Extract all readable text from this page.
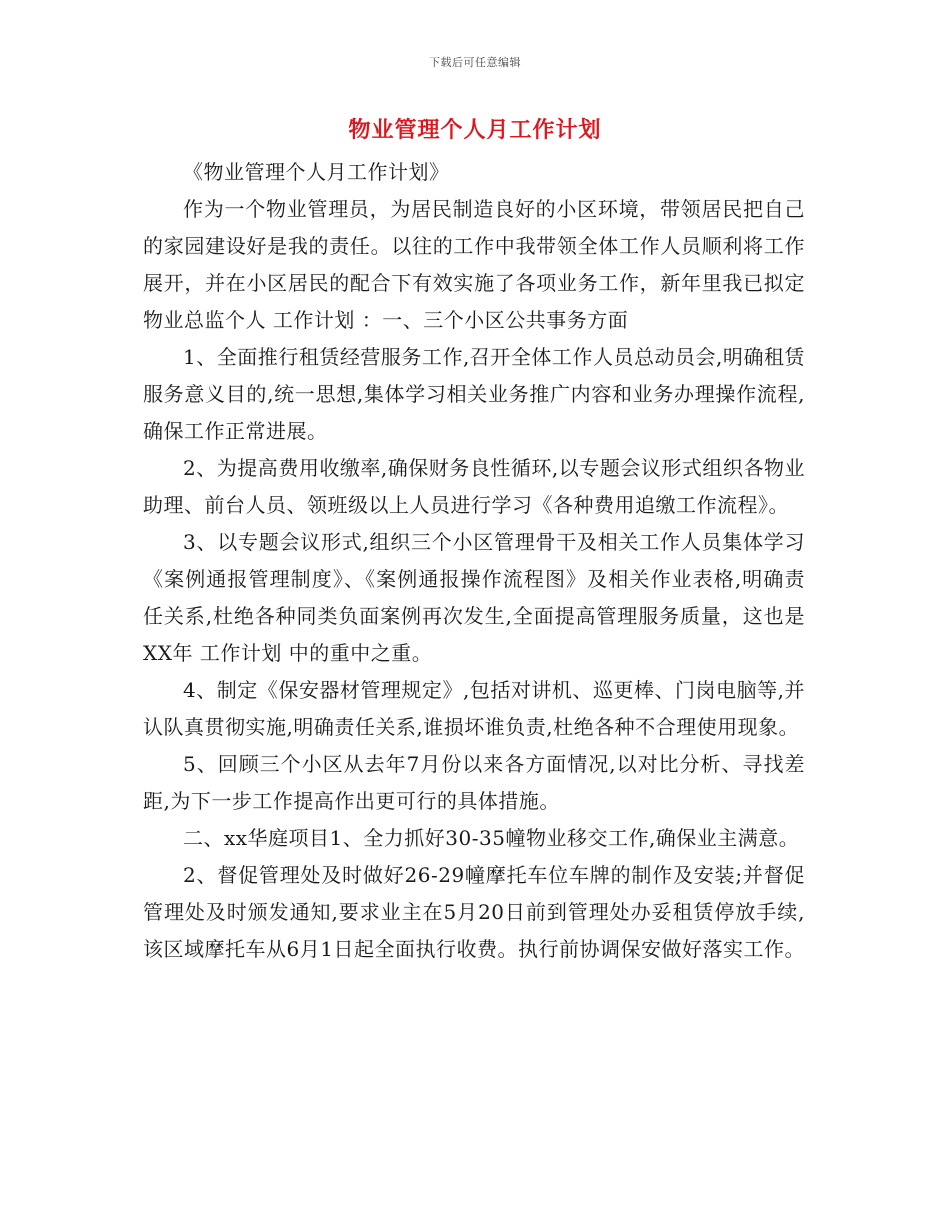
下载后可任意编辑
物业管理个人月工作计划

《物业管理个人月工作计划》

作为一个物业管理员，为居民制造良好的小区环境，带领居民把自己的家园建设好是我的责任。以往的工作中我带领全体工作人员顺利将工作展开，并在小区居民的配合下有效实施了各项业务工作，新年里我已拟定物业总监个人 工作计划 ：一、三个小区公共事务方面

1、全面推行租赁经营服务工作,召开全体工作人员总动员会,明确租赁服务意义目的,统一思想,集体学习相关业务推广内容和业务办理操作流程,确保工作正常进展。

2、为提高费用收缴率,确保财务良性循环,以专题会议形式组织各物业助理、前台人员、领班级以上人员进行学习《各种费用追缴工作流程》。

3、以专题会议形式,组织三个小区管理骨干及相关工作人员集体学习《案例通报管理制度》、《案例通报操作流程图》及相关作业表格,明确责任关系,杜绝各种同类负面案例再次发生,全面提高管理服务质量，这也是XX年 工作计划 中的重中之重。

4、制定《保安器材管理规定》,包括对讲机、巡更棒、门岗电脑等,并认队真贯彻实施,明确责任关系,谁损坏谁负责,杜绝各种不合理使用现象。

5、回顾三个小区从去年7月份以来各方面情况,以对比分析、寻找差距,为下一步工作提高作出更可行的具体措施。

二、xx华庭项目1、全力抓好30-35幢物业移交工作,确保业主满意。

2、督促管理处及时做好26-29幢摩托车位车牌的制作及安装;并督促管理处及时颁发通知,要求业主在5月20日前到管理处办妥租赁停放手续,该区域摩托车从6月1日起全面执行收费。执行前协调保安做好落实工作。
